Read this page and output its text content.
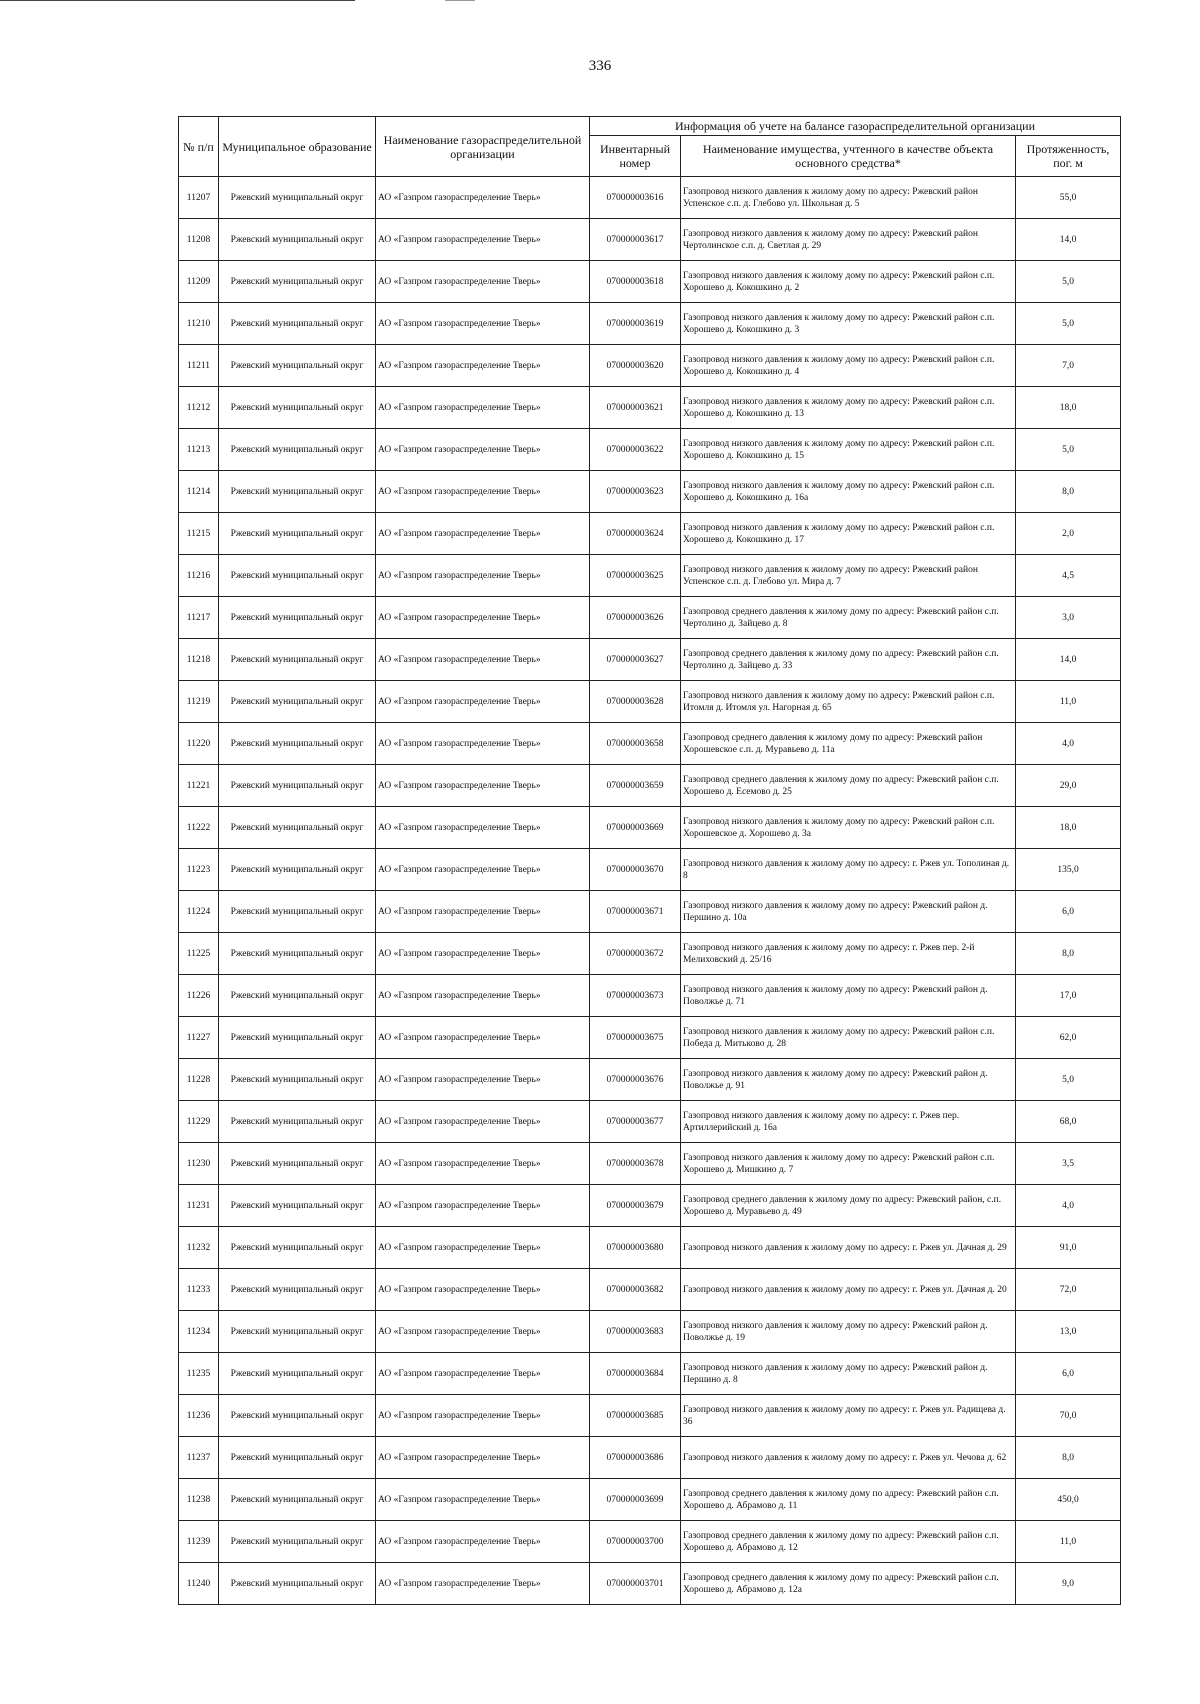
336
№ п/п	Муниципальное образование	Наименование газораспределительной организации	Информация об учете на балансе газораспределительной организации		
			Инвентарный номер	Наименование имущества, учтенного в качестве объекта основного средства*	Протяженность, пог. м
11207	Ржевский муниципальный округ	АО «Газпром газораспределение Тверь»	070000003616	Газопровод низкого давления к жилому дому по адресу: Ржевский район Успенское с.п. д. Глебово ул. Школьная д. 5	55,0
11208	Ржевский муниципальный округ	АО «Газпром газораспределение Тверь»	070000003617	Газопровод низкого давления к жилому дому по адресу: Ржевский район Чертолинское с.п. д. Светлая д. 29	14,0
11209	Ржевский муниципальный округ	АО «Газпром газораспределение Тверь»	070000003618	Газопровод низкого давления к жилому дому по адресу: Ржевский район с.п. Хорошево д. Кокошкино д. 2	5,0
11210	Ржевский муниципальный округ	АО «Газпром газораспределение Тверь»	070000003619	Газопровод низкого давления к жилому дому по адресу: Ржевский район с.п. Хорошево д. Кокошкино д. 3	5,0
11211	Ржевский муниципальный округ	АО «Газпром газораспределение Тверь»	070000003620	Газопровод низкого давления к жилому дому по адресу: Ржевский район с.п. Хорошево д. Кокошкино д. 4	7,0
11212	Ржевский муниципальный округ	АО «Газпром газораспределение Тверь»	070000003621	Газопровод низкого давления к жилому дому по адресу: Ржевский район с.п. Хорошево д. Кокошкино д. 13	18,0
11213	Ржевский муниципальный округ	АО «Газпром газораспределение Тверь»	070000003622	Газопровод низкого давления к жилому дому по адресу: Ржевский район с.п. Хорошево д. Кокошкино д. 15	5,0
11214	Ржевский муниципальный округ	АО «Газпром газораспределение Тверь»	070000003623	Газопровод низкого давления к жилому дому по адресу: Ржевский район с.п. Хорошево д. Кокошкино д. 16а	8,0
11215	Ржевский муниципальный округ	АО «Газпром газораспределение Тверь»	070000003624	Газопровод низкого давления к жилому дому по адресу: Ржевский район с.п. Хорошево д. Кокошкино д. 17	2,0
11216	Ржевский муниципальный округ	АО «Газпром газораспределение Тверь»	070000003625	Газопровод низкого давления к жилому дому по адресу: Ржевский район Успенское с.п. д. Глебово ул. Мира д. 7	4,5
11217	Ржевский муниципальный округ	АО «Газпром газораспределение Тверь»	070000003626	Газопровод среднего давления к жилому дому по адресу: Ржевский район с.п. Чертолино д. Зайцево д. 8	3,0
11218	Ржевский муниципальный округ	АО «Газпром газораспределение Тверь»	070000003627	Газопровод среднего давления к жилому дому по адресу: Ржевский район с.п. Чертолино д. Зайцево д. 33	14,0
11219	Ржевский муниципальный округ	АО «Газпром газораспределение Тверь»	070000003628	Газопровод низкого давления к жилому дому по адресу: Ржевский район с.п. Итомля д. Итомля ул. Нагорная д. 65	11,0
11220	Ржевский муниципальный округ	АО «Газпром газораспределение Тверь»	070000003658	Газопровод среднего давления к жилому дому по адресу: Ржевский район Хорошевское с.п. д. Муравьево д. 11а	4,0
11221	Ржевский муниципальный округ	АО «Газпром газораспределение Тверь»	070000003659	Газопровод среднего давления к жилому дому по адресу: Ржевский район с.п. Хорошево д. Есемово д. 25	29,0
11222	Ржевский муниципальный округ	АО «Газпром газораспределение Тверь»	070000003669	Газопровод низкого давления к жилому дому по адресу: Ржевский район с.п. Хорошевское д. Хорошево д. 3а	18,0
11223	Ржевский муниципальный округ	АО «Газпром газораспределение Тверь»	070000003670	Газопровод низкого давления к жилому дому по адресу: г. Ржев ул. Тополиная д. 8	135,0
11224	Ржевский муниципальный округ	АО «Газпром газораспределение Тверь»	070000003671	Газопровод низкого давления к жилому дому по адресу: Ржевский район д. Першино д. 10а	6,0
11225	Ржевский муниципальный округ	АО «Газпром газораспределение Тверь»	070000003672	Газопровод низкого давления к жилому дому по адресу: г. Ржев пер. 2-й Мелиховский д. 25/16	8,0
11226	Ржевский муниципальный округ	АО «Газпром газораспределение Тверь»	070000003673	Газопровод низкого давления к жилому дому по адресу: Ржевский район д. Поволжье д. 71	17,0
11227	Ржевский муниципальный округ	АО «Газпром газораспределение Тверь»	070000003675	Газопровод низкого давления к жилому дому по адресу: Ржевский район с.п. Победа д. Митьково д. 28	62,0
11228	Ржевский муниципальный округ	АО «Газпром газораспределение Тверь»	070000003676	Газопровод низкого давления к жилому дому по адресу: Ржевский район д. Поволжье д. 91	5,0
11229	Ржевский муниципальный округ	АО «Газпром газораспределение Тверь»	070000003677	Газопровод низкого давления к жилому дому по адресу: г. Ржев пер. Артиллерийский д. 16а	68,0
11230	Ржевский муниципальный округ	АО «Газпром газораспределение Тверь»	070000003678	Газопровод низкого давления к жилому дому по адресу: Ржевский район с.п. Хорошево д. Мишкино д. 7	3,5
11231	Ржевский муниципальный округ	АО «Газпром газораспределение Тверь»	070000003679	Газопровод среднего давления к жилому дому по адресу: Ржевский район, с.п. Хорошево д. Муравьево д. 49	4,0
11232	Ржевский муниципальный округ	АО «Газпром газораспределение Тверь»	070000003680	Газопровод низкого давления к жилому дому по адресу: г. Ржев ул. Дачная д. 29	91,0
11233	Ржевский муниципальный округ	АО «Газпром газораспределение Тверь»	070000003682	Газопровод низкого давления к жилому дому по адресу: г. Ржев ул. Дачная д. 20	72,0
11234	Ржевский муниципальный округ	АО «Газпром газораспределение Тверь»	070000003683	Газопровод низкого давления к жилому дому по адресу: Ржевский район д. Поволжье д. 19	13,0
11235	Ржевский муниципальный округ	АО «Газпром газораспределение Тверь»	070000003684	Газопровод низкого давления к жилому дому по адресу: Ржевский район д. Першино д. 8	6,0
11236	Ржевский муниципальный округ	АО «Газпром газораспределение Тверь»	070000003685	Газопровод низкого давления к жилому дому по адресу: г. Ржев ул. Радищева д. 36	70,0
11237	Ржевский муниципальный округ	АО «Газпром газораспределение Тверь»	070000003686	Газопровод низкого давления к жилому дому по адресу: г. Ржев ул. Чечова д. 62	8,0
11238	Ржевский муниципальный округ	АО «Газпром газораспределение Тверь»	070000003699	Газопровод среднего давления к жилому дому по адресу: Ржевский район с.п. Хорошево д. Абрамово д. 11	450,0
11239	Ржевский муниципальный округ	АО «Газпром газораспределение Тверь»	070000003700	Газопровод среднего давления к жилому дому по адресу: Ржевский район с.п. Хорошево д. Абрамово д. 12	11,0
11240	Ржевский муниципальный округ	АО «Газпром газораспределение Тверь»	070000003701	Газопровод среднего давления к жилому дому по адресу: Ржевский район с.п. Хорошево д. Абрамово д. 12а	9,0
